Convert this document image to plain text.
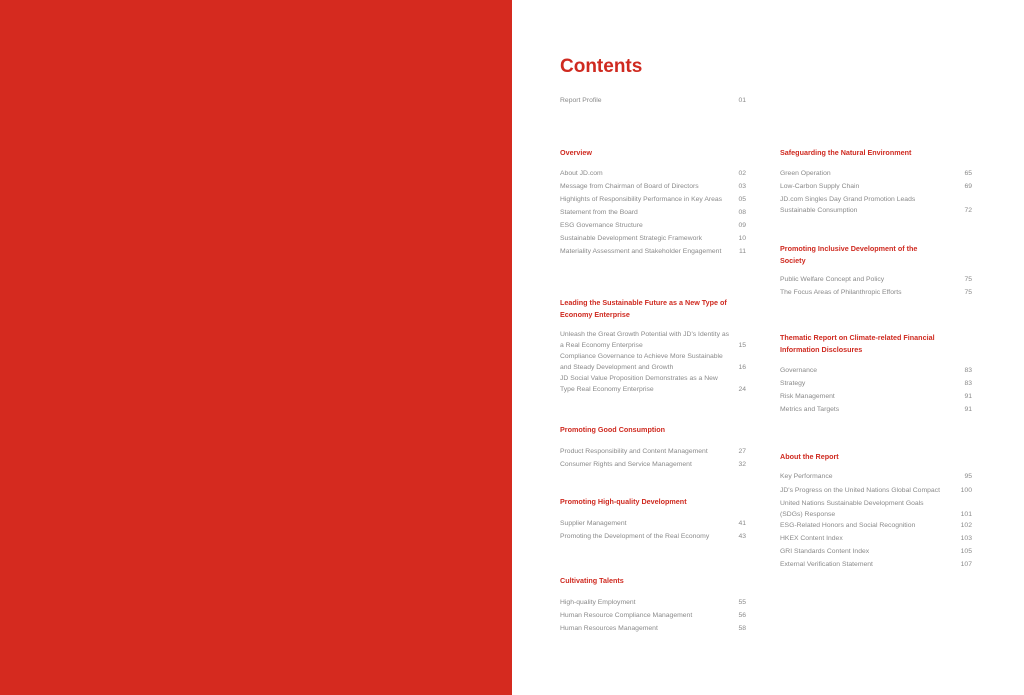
Contents
Report Profile	01
Overview
About JD.com	02
Message from Chairman of Board of Directors	03
Highlights of Responsibility Performance in Key Areas	05
Statement from the Board	08
ESG Governance Structure	09
Sustainable Development Strategic Framework	10
Materiality Assessment and Stakeholder Engagement	11
Leading the Sustainable Future as a New Type of Economy Enterprise
Unleash the Great Growth Potential with JD's Identity as a Real Economy Enterprise	15
Compliance Governance to Achieve More Sustainable and Steady Development and Growth	16
JD Social Value Proposition Demonstrates as a New Type Real Economy Enterprise	24
Promoting Good Consumption
Product Responsibility and Content Management	27
Consumer Rights and Service Management	32
Promoting High-quality Development
Supplier Management	41
Promoting the Development of the Real Economy	43
Cultivating Talents
High-quality Employment	55
Human Resource Compliance Management	56
Human Resources Management	58
Safeguarding the Natural Environment
Green Operation	65
Low-Carbon Supply Chain	69
JD.com Singles Day Grand Promotion Leads Sustainable Consumption	72
Promoting Inclusive Development of the Society
Public Welfare Concept and Policy	75
The Focus Areas of Philanthropic Efforts	75
Thematic Report on Climate-related Financial Information Disclosures
Governance	83
Strategy	83
Risk Management	91
Metrics and Targets	91
About the Report
Key Performance	95
JD's Progress on the United Nations Global Compact	100
United Nations Sustainable Development Goals (SDGs) Response	101
ESG-Related Honors and Social Recognition	102
HKEX Content Index	103
GRI Standards Content Index	105
External Verification Statement	107
